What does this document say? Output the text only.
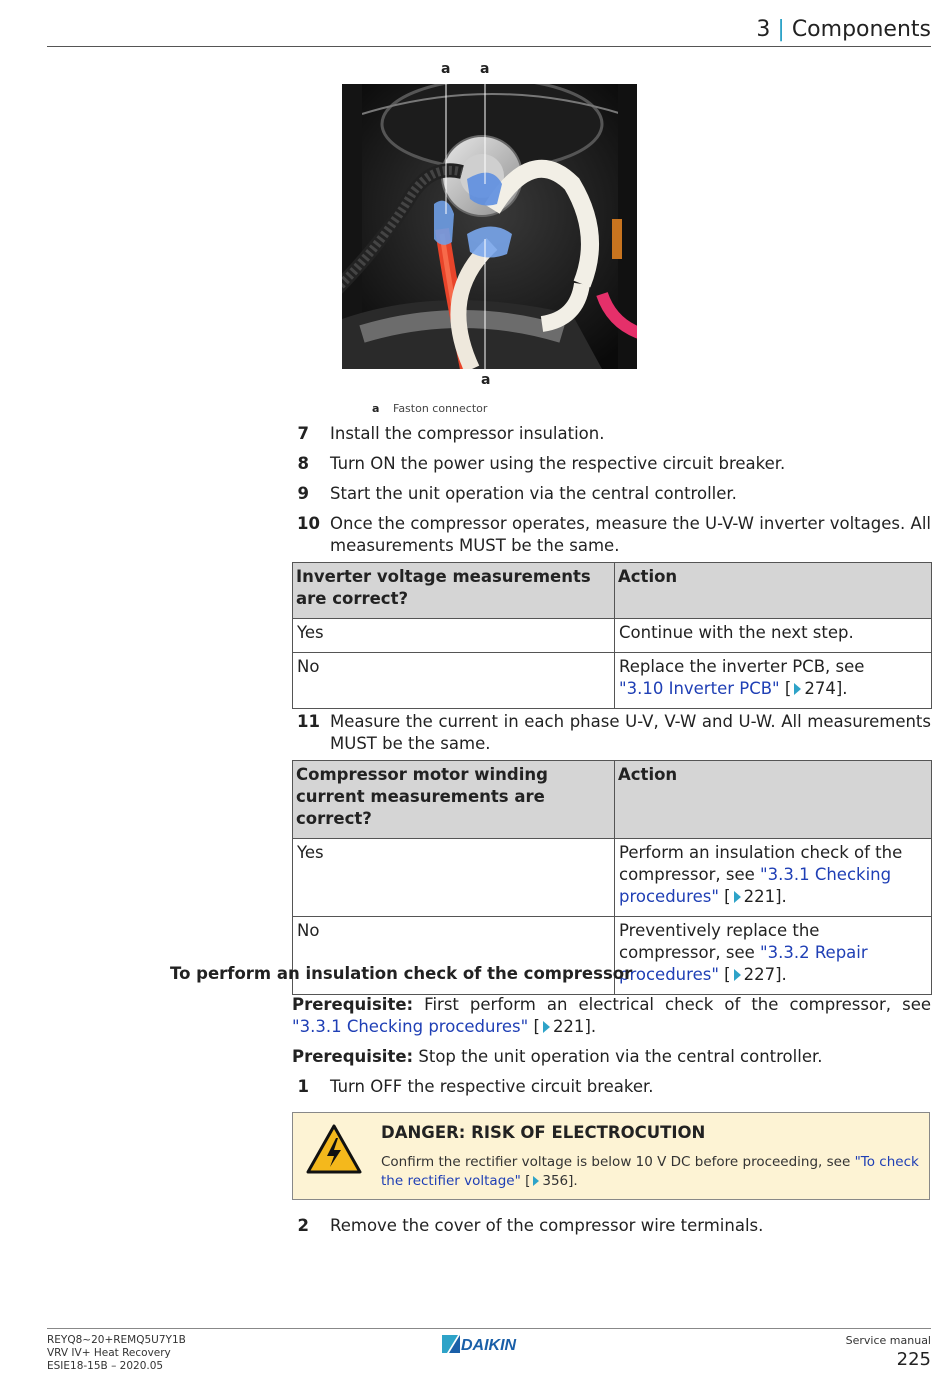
3 | Components
a a
a
a Faston connector
7 Install the compressor insulation.
8 Turn ON the power using the respective circuit breaker.
9 Start the unit operation via the central controller.
10 Once the compressor operates, measure the U-V-W inverter voltages. All measurements MUST be the same.
Inverter voltage measurements are correct?	Action
Yes	Continue with the next step.
No	Replace the inverter PCB, see
"3.10 Inverter PCB" [ 274].
11 Measure the current in each phase U-V, V-W and U-W. All measurements MUST be the same.
Compressor motor winding current measurements are correct?	Action
Yes	Perform an insulation check of the compressor, see "3.3.1 Checking procedures" [ 221].
No	Preventively replace the compressor, see "3.3.2 Repair procedures" [ 227].
To perform an insulation check of the compressor
Prerequisite: First perform an electrical check of the compressor, see "3.3.1 Checking procedures" [ 221].
Prerequisite: Stop the unit operation via the central controller.
1 Turn OFF the respective circuit breaker.
DANGER: RISK OF ELECTROCUTION
Confirm the rectifier voltage is below 10 V DC before proceeding, see "To check the rectifier voltage" [ 356].
2 Remove the cover of the compressor wire terminals.
REYQ8~20+REMQ5U7Y1B
VRV IV+ Heat Recovery
ESIE18-15B – 2020.05
DAIKIN	Service manual
225
